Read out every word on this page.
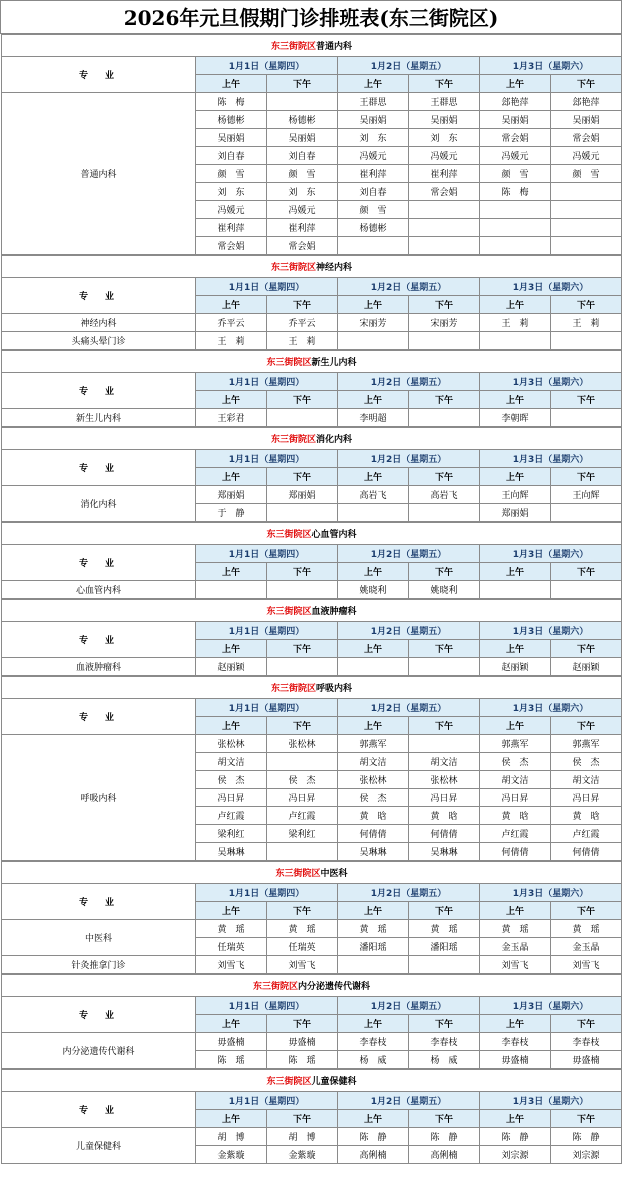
2026年元旦假期门诊排班表(东三街院区)
东三街院区普通内科						
专　业	1月1日（星期四）		1月2日（星期五）		1月3日（星期六）	
	上午	下午	上午	下午	上午	下午
普通内科	陈　梅		王群思	王群思	郐艳萍	郐艳萍
	杨德彬	杨德彬	吴丽娟	吴丽娟	吴丽娟	吴丽娟
	吴丽娟	吴丽娟	刘　东	刘　东	常会娟	常会娟
	刘自春	刘自春	冯媛元	冯媛元	冯媛元	冯媛元
	颜　雪	颜　雪	崔利萍	崔利萍	颜　雪	颜　雪
	刘　东	刘　东	刘自春	常会娟	陈　梅	
	冯媛元	冯媛元	颜　雪			
	崔利萍	崔利萍	杨德彬			
	常会娟	常会娟				
东三街院区神经内科						
专　业	1月1日（星期四）		1月2日（星期五）		1月3日（星期六）	
	上午	下午	上午	下午	上午	下午
神经内科	乔平云	乔平云	宋丽芳	宋丽芳	王　莉	王　莉
头痛头晕门诊	王　莉	王　莉				
东三街院区新生儿内科						
专　业	1月1日（星期四）		1月2日（星期五）		1月3日（星期六）	
	上午	下午	上午	下午	上午	下午
新生儿内科	王彩君		李明超		李朝晖	
东三街院区消化内科						
专　业	1月1日（星期四）		1月2日（星期五）		1月3日（星期六）	
	上午	下午	上午	下午	上午	下午
消化内科	郑丽娟	郑丽娟	高岩飞	高岩飞	王向辉	王向辉
	于　静				郑丽娟	
东三街院区心血管内科						
专　业	1月1日（星期四）		1月2日（星期五）		1月3日（星期六）	
	上午	下午	上午	下午	上午	下午
心血管内科			姚晓利	姚晓利		
东三街院区血液肿瘤科						
专　业	1月1日（星期四）		1月2日（星期五）		1月3日（星期六）	
	上午	下午	上午	下午	上午	下午
血液肿瘤科	赵丽颖				赵丽颖	赵丽颖
东三街院区呼吸内科						
专　业	1月1日（星期四）		1月2日（星期五）		1月3日（星期六）	
	上午	下午	上午	下午	上午	下午
呼吸内科	张松林	张松林	郭燕军		郭燕军	郭燕军
	胡文洁		胡文洁	胡文洁	侯　杰	侯　杰
	侯　杰	侯　杰	张松林	张松林	胡文洁	胡文洁
	冯日昇	冯日昇	侯　杰	冯日昇	冯日昇	冯日昇
	卢红霞	卢红霞	黄　晗	黄　晗	黄　晗	黄　晗
	梁利红	梁利红	何倩倩	何倩倩	卢红霞	卢红霞
	吴琳琳		吴琳琳	吴琳琳	何倩倩	何倩倩
东三街院区中医科						
专　业	1月1日（星期四）		1月2日（星期五）		1月3日（星期六）	
	上午	下午	上午	下午	上午	下午
中医科	黄　瑶	黄　瑶	黄　瑶	黄　瑶	黄　瑶	黄　瑶
	任瑞英	任瑞英	潘阳瑶	潘阳瑶	金玉晶	金玉晶
针灸推拿门诊	刘雪飞	刘雪飞			刘雪飞	刘雪飞
东三街院区内分泌遗传代谢科						
专　业	1月1日（星期四）		1月2日（星期五）		1月3日（星期六）	
	上午	下午	上午	下午	上午	下午
内分泌遗传代谢科	毋盛楠	毋盛楠	李春枝	李春枝	李春枝	李春枝
	陈　瑶	陈　瑶	杨　威	杨　威	毋盛楠	毋盛楠
东三街院区儿童保健科						
专　业	1月1日（星期四）		1月2日（星期五）		1月3日（星期六）	
	上午	下午	上午	下午	上午	下午
儿童保健科	胡　博	胡　博	陈　静	陈　静	陈　静	陈　静
	金紫璇	金紫璇	高俐楠	高俐楠	刘宗源	刘宗源
